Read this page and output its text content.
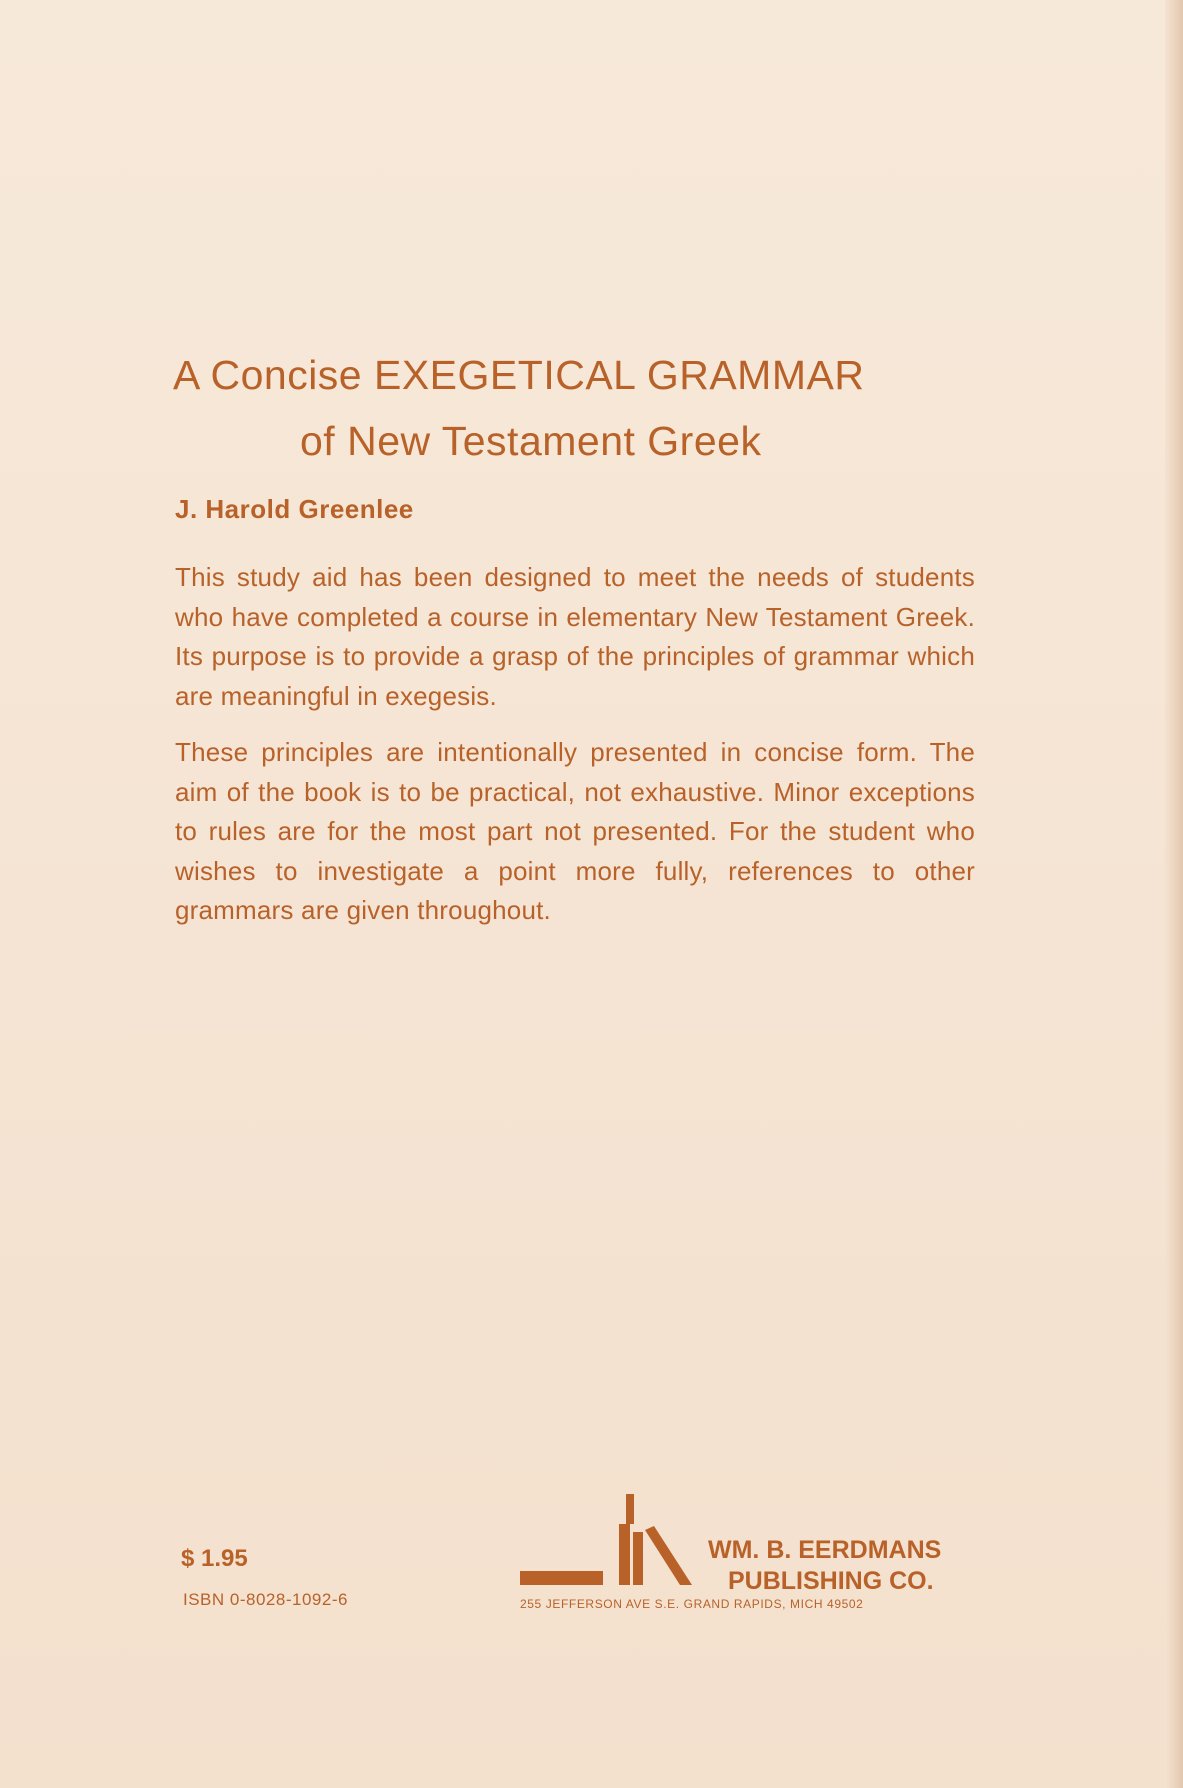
A Concise EXEGETICAL GRAMMAR
of New Testament Greek
J. Harold Greenlee
This study aid has been designed to meet the needs of students who have completed a course in elementary New Testament Greek. Its purpose is to provide a grasp of the principles of grammar which are meaningful in exegesis.
These principles are intentionally presented in concise form. The aim of the book is to be practical, not exhaustive. Minor exceptions to rules are for the most part not presented. For the student who wishes to investigate a point more fully, references to other grammars are given throughout.
$ 1.95
ISBN 0-8028-1092-6
WM. B. EERDMANS
PUBLISHING CO.
255 JEFFERSON AVE S.E. GRAND RAPIDS, MICH 49502
